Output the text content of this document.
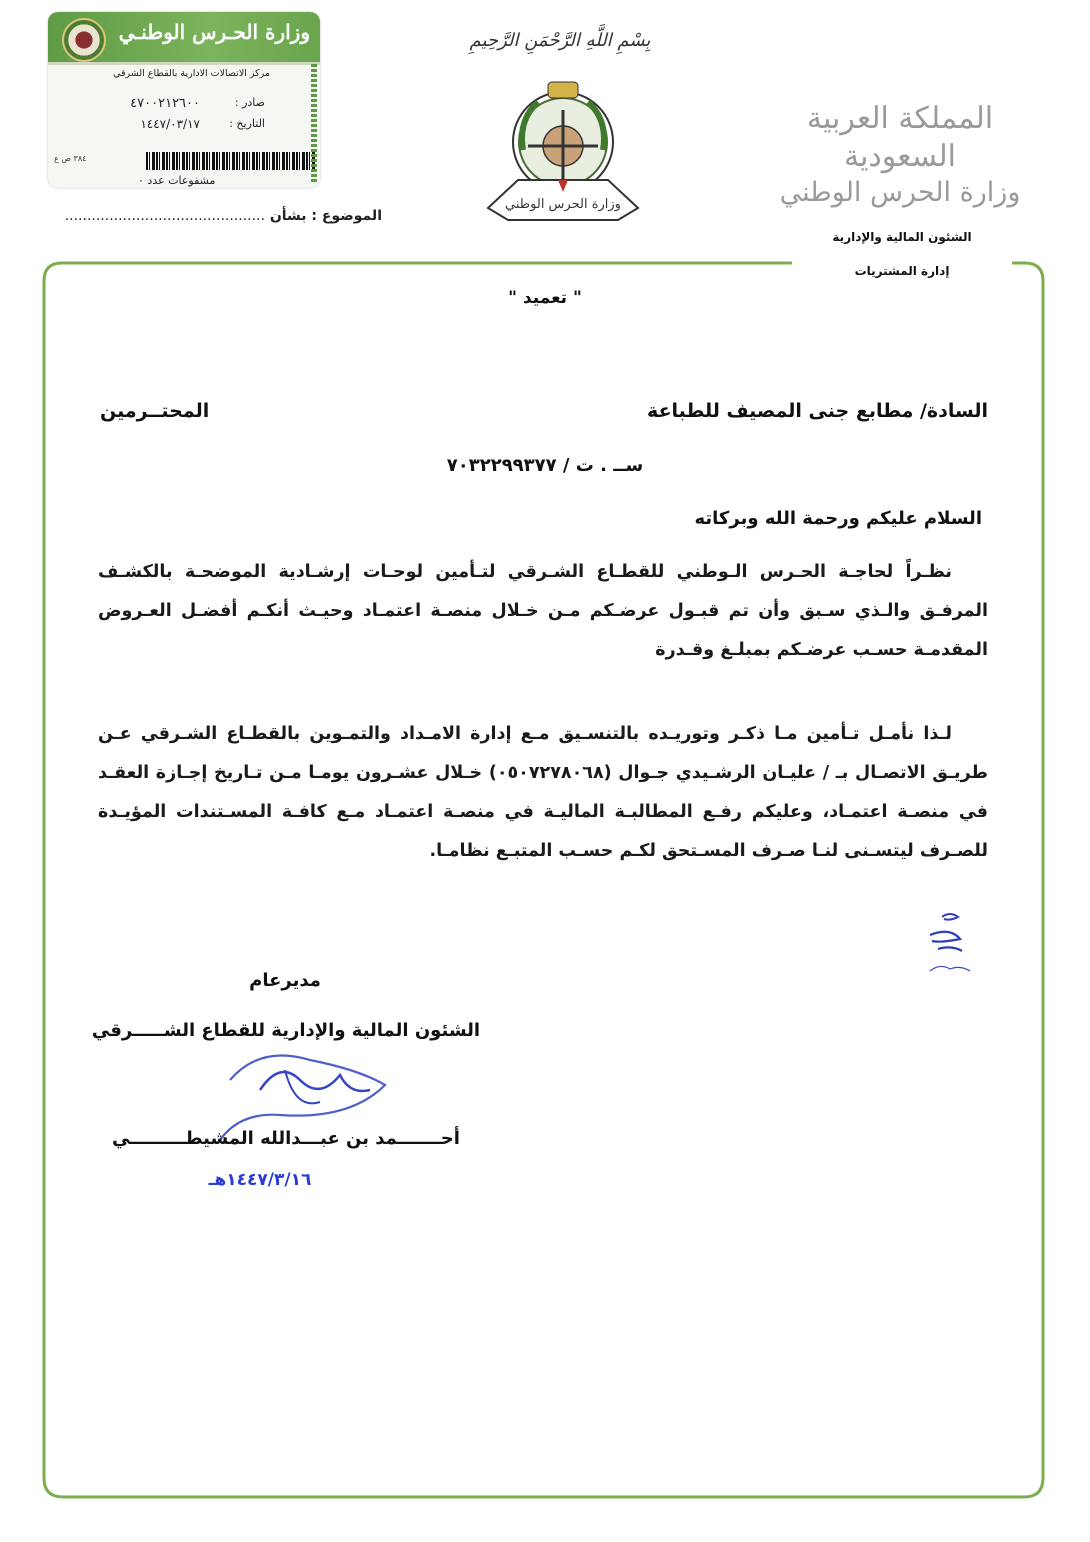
وزارة الحـرس الوطنـي
مركز الاتصالات الادارية بالقطاع الشرقي
صادر :
٤٧٠٠٢١٢٦٠٠
التاريخ :
١٤٤٧/٠٣/١٧
٣٨٤ ص ع
مشفوعات عدد ٠
الموضوع : بشأن .............................................
بِسْمِ اللَّهِ الرَّحْمَنِ الرَّحِيمِ
وزارة الحرس الوطني
المملكة العربية السعودية
وزارة الحرس الوطني
الشئون المالية والإدارية
إدارة المشتريات
" تعميد "
السادة/ مطابع جنى المصيف للطباعة
المحتــرمين
ســ . ت / ٧٠٣٢٢٩٩٣٧٧
السلام عليكم ورحمة الله وبركاته
نظـراً لحاجـة الحـرس الـوطني للقطـاع الشـرقي لتـأمين لوحـات إرشـادية الموضحـة بالكشـف المرفـق والـذي سـبق وأن تم قبـول عرضـكم مـن خـلال منصـة اعتمـاد وحيـث أنكـم أفضـل العـروض المقدمـة حسـب عرضـكم بمبلـغ وقـدرة
لـذا نأمـل تـأمين مـا ذكـر وتوريـده بالتنسـيق مـع إدارة الامـداد والتمـوين بالقطـاع الشـرقي عـن طريـق الاتصـال بـ / عليـان الرشـيدي جـوال (٠٥٠٧٢٧٨٠٦٨) خـلال عشـرون يومـا مـن تـاريخ إجـازة العقـد في منصـة اعتمـاد، وعليكم رفـع المطالبـة الماليـة في منصـة اعتمـاد مـع كافـة المسـتندات المؤيـدة للصـرف ليتسـنى لنـا صـرف المسـتحق لكـم حسـب المتبـع نظامـا.
مديرعام
الشئون المالية والإدارية للقطاع الشـــــرقي
أحـــــــمد بن عبـــدالله المشيطـــــــــي
١٤٤٧/٣/١٦هـ
